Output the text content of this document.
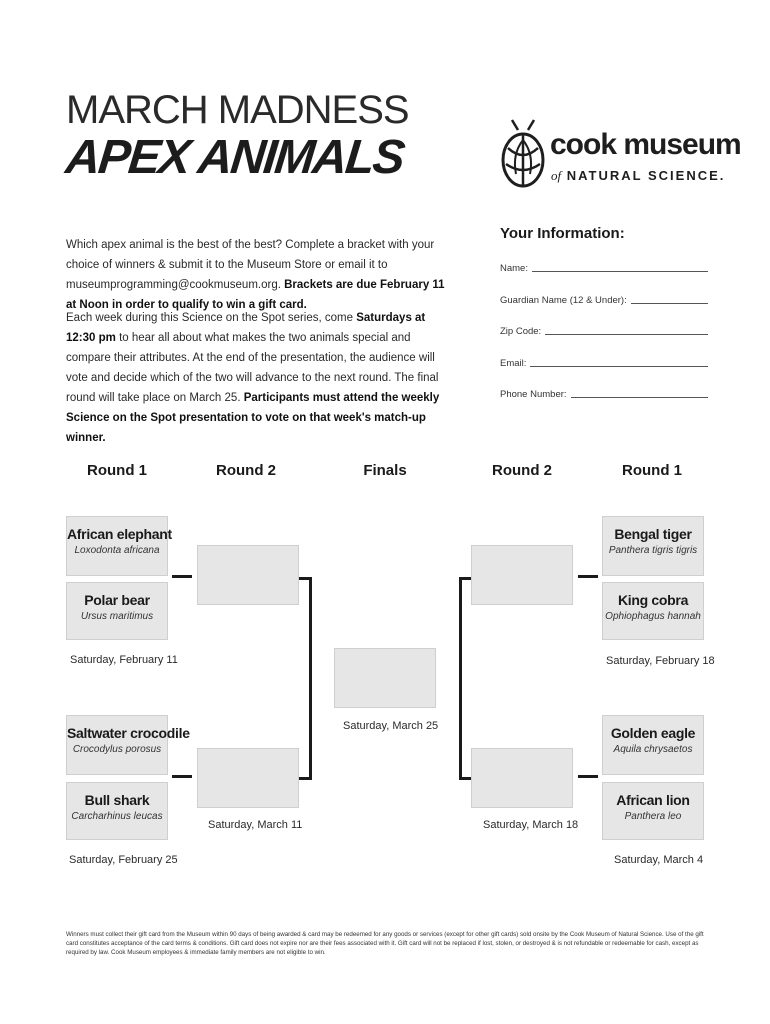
MARCH MADNESS
APEX ANIMALS	cook museum
of NATURAL SCIENCE.
Which apex animal is the best of the best? Complete a bracket with your choice of winners & submit it to the Museum Store or email it to museumprogramming@cookmuseum.org. Brackets are due February 11 at Noon in order to qualify to win a gift card.
Each week during this Science on the Spot series, come Saturdays at 12:30 pm to hear all about what makes the two animals special and compare their attributes. At the end of the presentation, the audience will vote and decide which of the two will advance to the next round. The final round will take place on March 25. Participants must attend the weekly Science on the Spot presentation to vote on that week's match-up winner.
Your Information:
Name:
Guardian Name (12 & Under):
Zip Code:
Email:
Phone Number:
Round 1	Round 2	Finals	Round 2	Round 1
African elephant
Loxodonta africana
Polar bear
Ursus maritimus
Saltwater crocodile
Crocodylus porosus
Bull shark
Carcharhinus leucas
Bengal tiger
Panthera tigris tigris
King cobra
Ophiophagus hannah
Golden eagle
Aquila chrysaetos
African lion
Panthera leo
Saturday, February 11
Saturday, February 25
Saturday, March 11
Saturday, March 25
Saturday, March 18
Saturday, February 18
Saturday, March 4
Winners must collect their gift card from the Museum within 90 days of being awarded & card may be redeemed for any goods or services (except for other gift cards) sold onsite by the Cook Museum of Natural Science. Use of the gift card constitutes acceptance of the card terms & conditions. Gift card does not expire nor are their fees associated with it. Gift card will not be replaced if lost, stolen, or destroyed & is not refundable or redeemable for cash, except as required by law. Cook Museum employees & immediate family members are not eligible to win.
